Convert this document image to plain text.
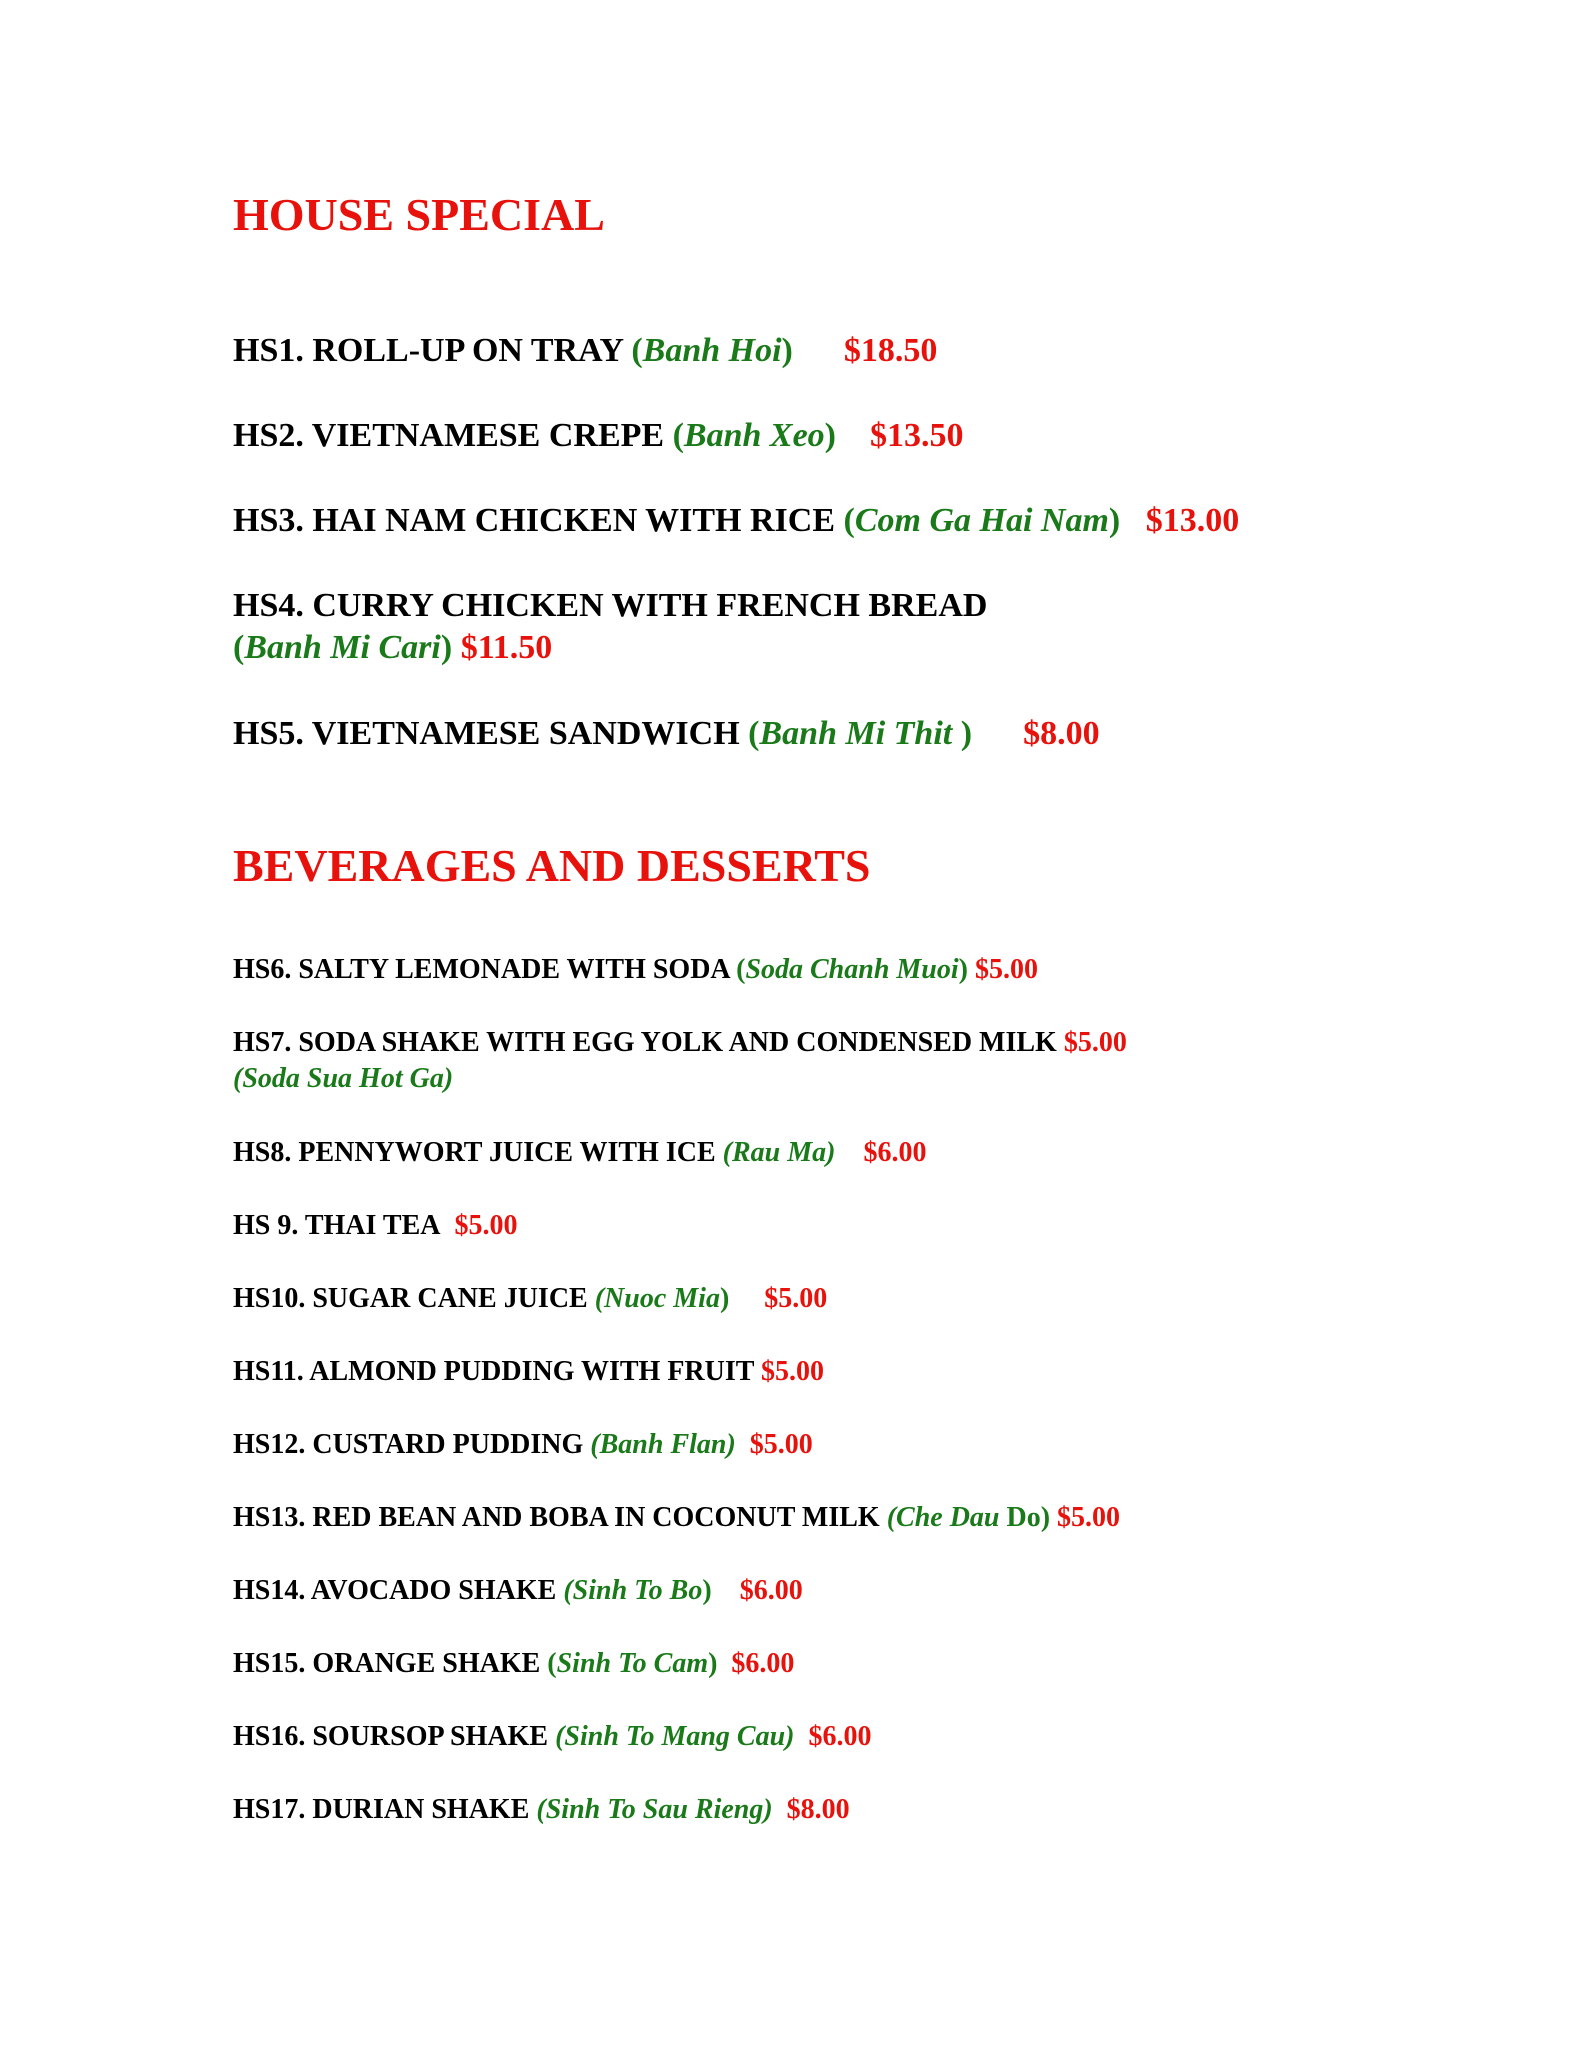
HOUSE SPECIAL
HS1. ROLL-UP ON TRAY (Banh Hoi) $18.50
HS2. VIETNAMESE CREPE (Banh Xeo) $13.50
HS3. HAI NAM CHICKEN WITH RICE (Com Ga Hai Nam) $13.00
HS4. CURRY CHICKEN WITH FRENCH BREAD
(Banh Mi Cari) $11.50
HS5. VIETNAMESE SANDWICH (Banh Mi Thit ) $8.00
BEVERAGES AND DESSERTS
HS6. SALTY LEMONADE WITH SODA (Soda Chanh Muoi) $5.00
HS7. SODA SHAKE WITH EGG YOLK AND CONDENSED MILK $5.00
(Soda Sua Hot Ga)
HS8. PENNYWORT JUICE WITH ICE (Rau Ma) $6.00
HS 9. THAI TEA $5.00
HS10. SUGAR CANE JUICE (Nuoc Mia) $5.00
HS11. ALMOND PUDDING WITH FRUIT $5.00
HS12. CUSTARD PUDDING (Banh Flan) $5.00
HS13. RED BEAN AND BOBA IN COCONUT MILK (Che Dau Do) $5.00
HS14. AVOCADO SHAKE (Sinh To Bo) $6.00
HS15. ORANGE SHAKE (Sinh To Cam) $6.00
HS16. SOURSOP SHAKE (Sinh To Mang Cau) $6.00
HS17. DURIAN SHAKE (Sinh To Sau Rieng) $8.00
